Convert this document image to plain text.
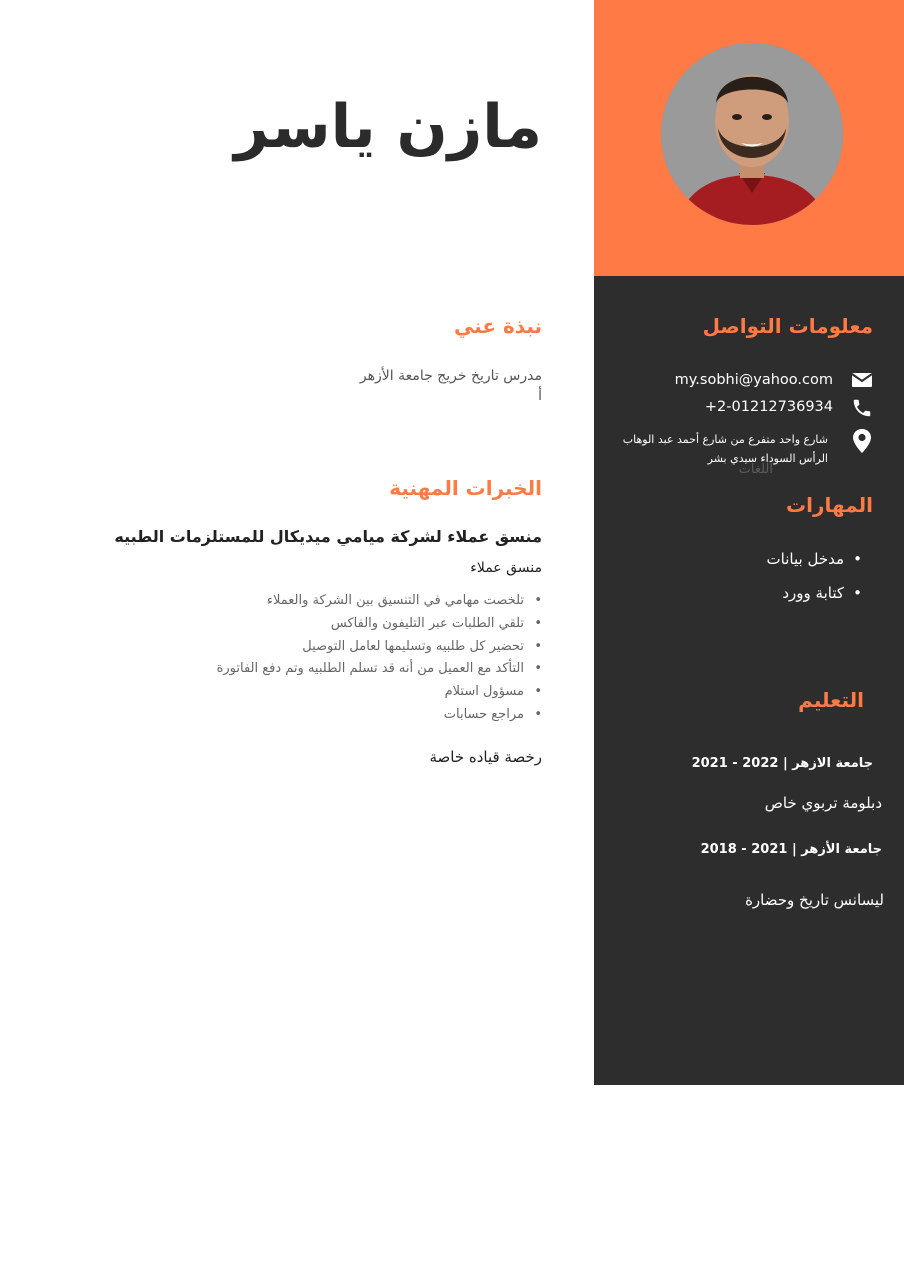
مازن ياسر
نبذة عني
مدرس تاريخ خريج جامعة الأزهر
أ
الخبرات المهنية
منسق عملاء لشركة ميامي ميديكال للمستلزمات الطبيه
منسق عملاء
• تلخصت مهامي في التنسيق بين الشركة والعملاء
• تلقي الطلبات عبر التليفون والفاكس
• تحضير كل طلبيه وتسليمها لعامل التوصيل
• التأكد مع العميل من أنه قد تسلم الطلبيه وتم دفع الفاتورة
• مسؤول استلام
• مراجع حسابات
رخصة قياده خاصة
معلومات التواصل
my.sobhi@yahoo.com
+2-01212736934
شارع واحد متفرع من شارع أحمد عبد الوهاب
الرأس السوداء سيدي بشر
اللغات
المهارات
• مدخل بيانات
• كتابة وورد
التعليم
جامعة الازهر | 2022 - 2021
دبلومة تربوي خاص
جامعة الأزهر | 2021 - 2018
ليسانس تاريخ وحضارة
